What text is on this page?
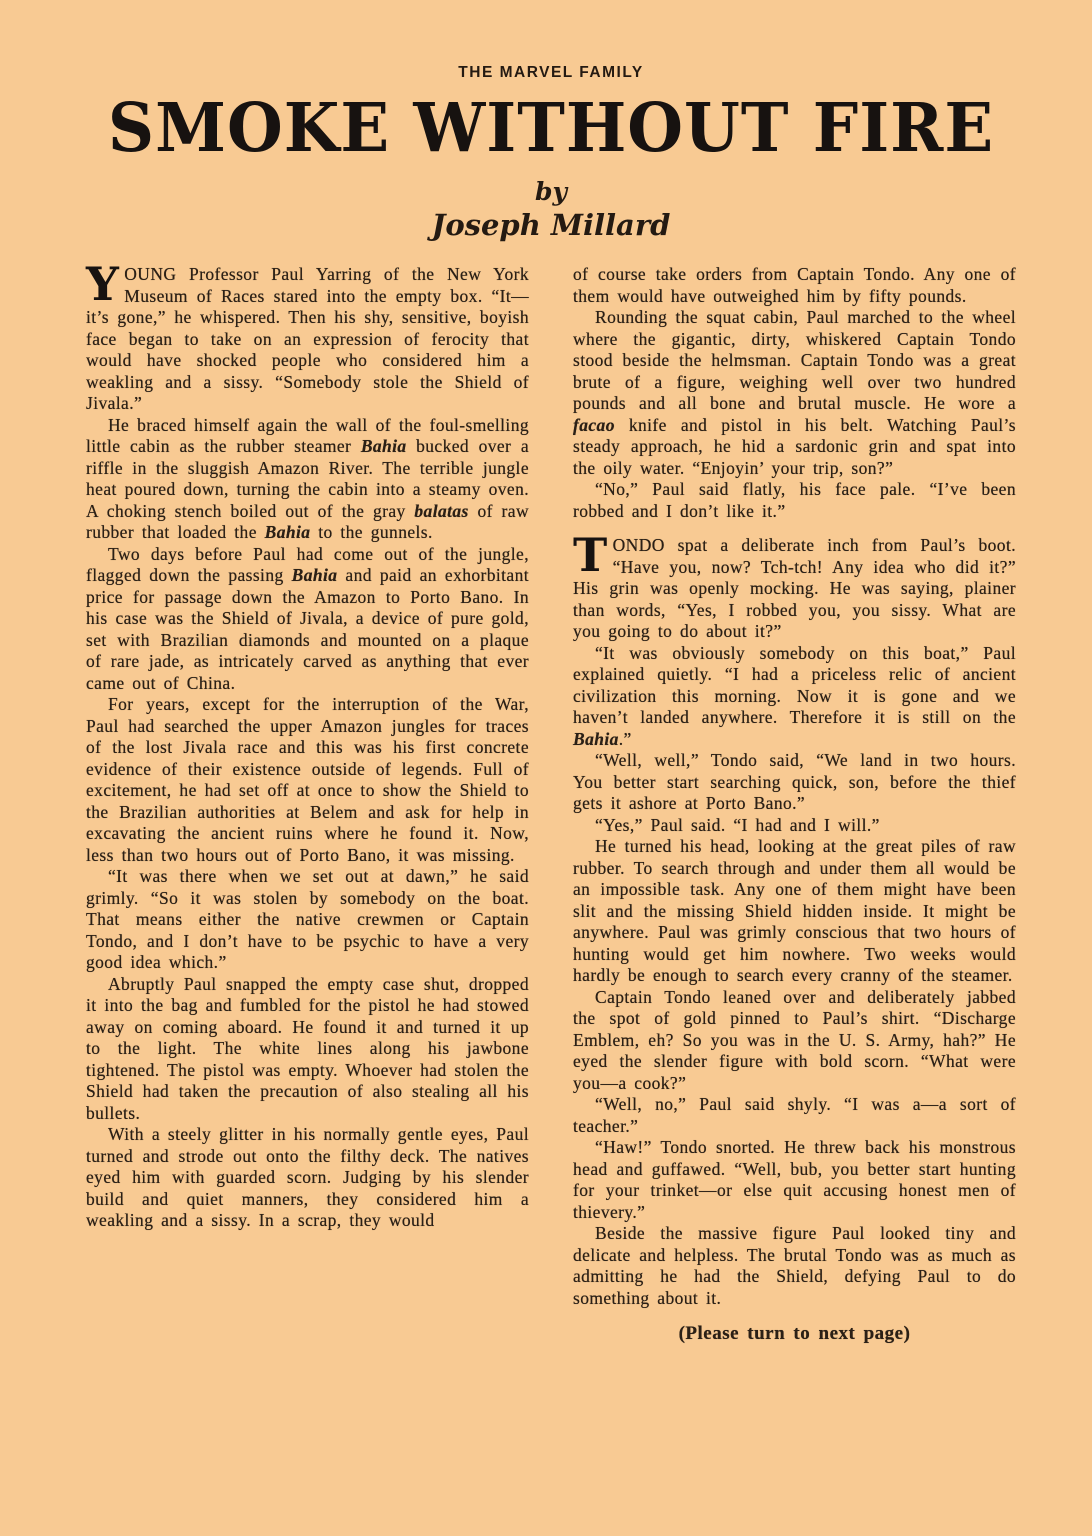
THE MARVEL FAMILY
SMOKE WITHOUT FIRE
by
Joseph Millard

YOUNG Professor Paul Yarring of the New York Museum of Races stared into the empty box. “It—it’s gone,” he whispered. Then his shy, sensitive, boyish face began to take on an expression of ferocity that would have shocked people who considered him a weakling and a sissy. “Somebody stole the Shield of Jivala.”

He braced himself again the wall of the foul-smelling little cabin as the rubber steamer Bahia bucked over a riffle in the sluggish Amazon River. The terrible jungle heat poured down, turning the cabin into a steamy oven. A choking stench boiled out of the gray balatas of raw rubber that loaded the Bahia to the gunnels.

Two days before Paul had come out of the jungle, flagged down the passing Bahia and paid an exhorbitant price for passage down the Amazon to Porto Bano. In his case was the Shield of Jivala, a device of pure gold, set with Brazilian diamonds and mounted on a plaque of rare jade, as intricately carved as anything that ever came out of China.

For years, except for the interruption of the War, Paul had searched the upper Amazon jungles for traces of the lost Jivala race and this was his first concrete evidence of their existence outside of legends. Full of excitement, he had set off at once to show the Shield to the Brazilian authorities at Belem and ask for help in excavating the ancient ruins where he found it. Now, less than two hours out of Porto Bano, it was missing.

“It was there when we set out at dawn,” he said grimly. “So it was stolen by somebody on the boat. That means either the native crewmen or Captain Tondo, and I don’t have to be psychic to have a very good idea which.”

Abruptly Paul snapped the empty case shut, dropped it into the bag and fumbled for the pistol he had stowed away on coming aboard. He found it and turned it up to the light. The white lines along his jawbone tightened. The pistol was empty. Whoever had stolen the Shield had taken the precaution of also stealing all his bullets.

With a steely glitter in his normally gentle eyes, Paul turned and strode out onto the filthy deck. The natives eyed him with guarded scorn. Judging by his slender build and quiet manners, they considered him a weakling and a sissy. In a scrap, they would

of course take orders from Captain Tondo. Any one of them would have outweighed him by fifty pounds.

Rounding the squat cabin, Paul marched to the wheel where the gigantic, dirty, whiskered Captain Tondo stood beside the helmsman. Captain Tondo was a great brute of a figure, weighing well over two hundred pounds and all bone and brutal muscle. He wore a facao knife and pistol in his belt. Watching Paul’s steady approach, he hid a sardonic grin and spat into the oily water. “Enjoyin’ your trip, son?”

“No,” Paul said flatly, his face pale. “I’ve been robbed and I don’t like it.”

TONDO spat a deliberate inch from Paul’s boot. “Have you, now? Tch-tch! Any idea who did it?” His grin was openly mocking. He was saying, plainer than words, “Yes, I robbed you, you sissy. What are you going to do about it?”

“It was obviously somebody on this boat,” Paul explained quietly. “I had a priceless relic of ancient civilization this morning. Now it is gone and we haven’t landed anywhere. Therefore it is still on the Bahia.”

“Well, well,” Tondo said, “We land in two hours. You better start searching quick, son, before the thief gets it ashore at Porto Bano.”

“Yes,” Paul said. “I had and I will.”

He turned his head, looking at the great piles of raw rubber. To search through and under them all would be an impossible task. Any one of them might have been slit and the missing Shield hidden inside. It might be anywhere. Paul was grimly conscious that two hours of hunting would get him nowhere. Two weeks would hardly be enough to search every cranny of the steamer.

Captain Tondo leaned over and deliberately jabbed the spot of gold pinned to Paul’s shirt. “Discharge Emblem, eh? So you was in the U. S. Army, hah?” He eyed the slender figure with bold scorn. “What were you—a cook?”

“Well, no,” Paul said shyly. “I was a—a sort of teacher.”

“Haw!” Tondo snorted. He threw back his monstrous head and guffawed. “Well, bub, you better start hunting for your trinket—or else quit accusing honest men of thievery.”

Beside the massive figure Paul looked tiny and delicate and helpless. The brutal Tondo was as much as admitting he had the Shield, defying Paul to do something about it.

(Please turn to next page)
